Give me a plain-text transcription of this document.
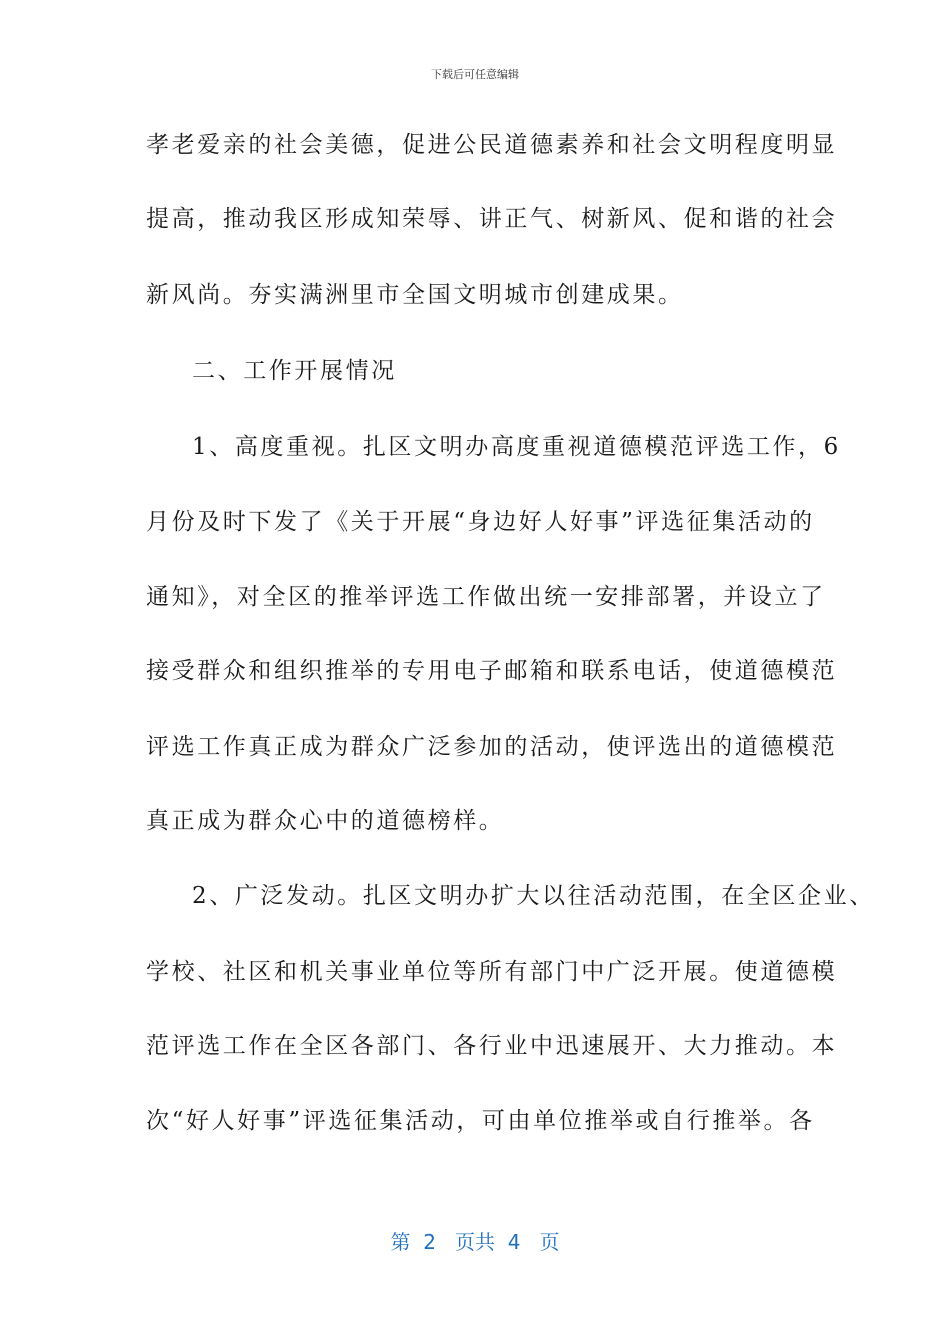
下载后可任意编辑
孝老爱亲的社会美德，促进公民道德素养和社会文明程度明显
提高，推动我区形成知荣辱、讲正气、树新风、促和谐的社会
新风尚。夯实满洲里市全国文明城市创建成果。
二、工作开展情况
1、高度重视。扎区文明办高度重视道德模范评选工作，6
月份及时下发了《关于开展“身边好人好事”评选征集活动的
通知》，对全区的推举评选工作做出统一安排部署，并设立了
接受群众和组织推举的专用电子邮箱和联系电话，使道德模范
评选工作真正成为群众广泛参加的活动，使评选出的道德模范
真正成为群众心中的道德榜样。
2、广泛发动。扎区文明办扩大以往活动范围，在全区企业、
学校、社区和机关事业单位等所有部门中广泛开展。使道德模
范评选工作在全区各部门、各行业中迅速展开、大力推动。本
次“好人好事”评选征集活动，可由单位推举或自行推举。各
第 2 页共 4 页
